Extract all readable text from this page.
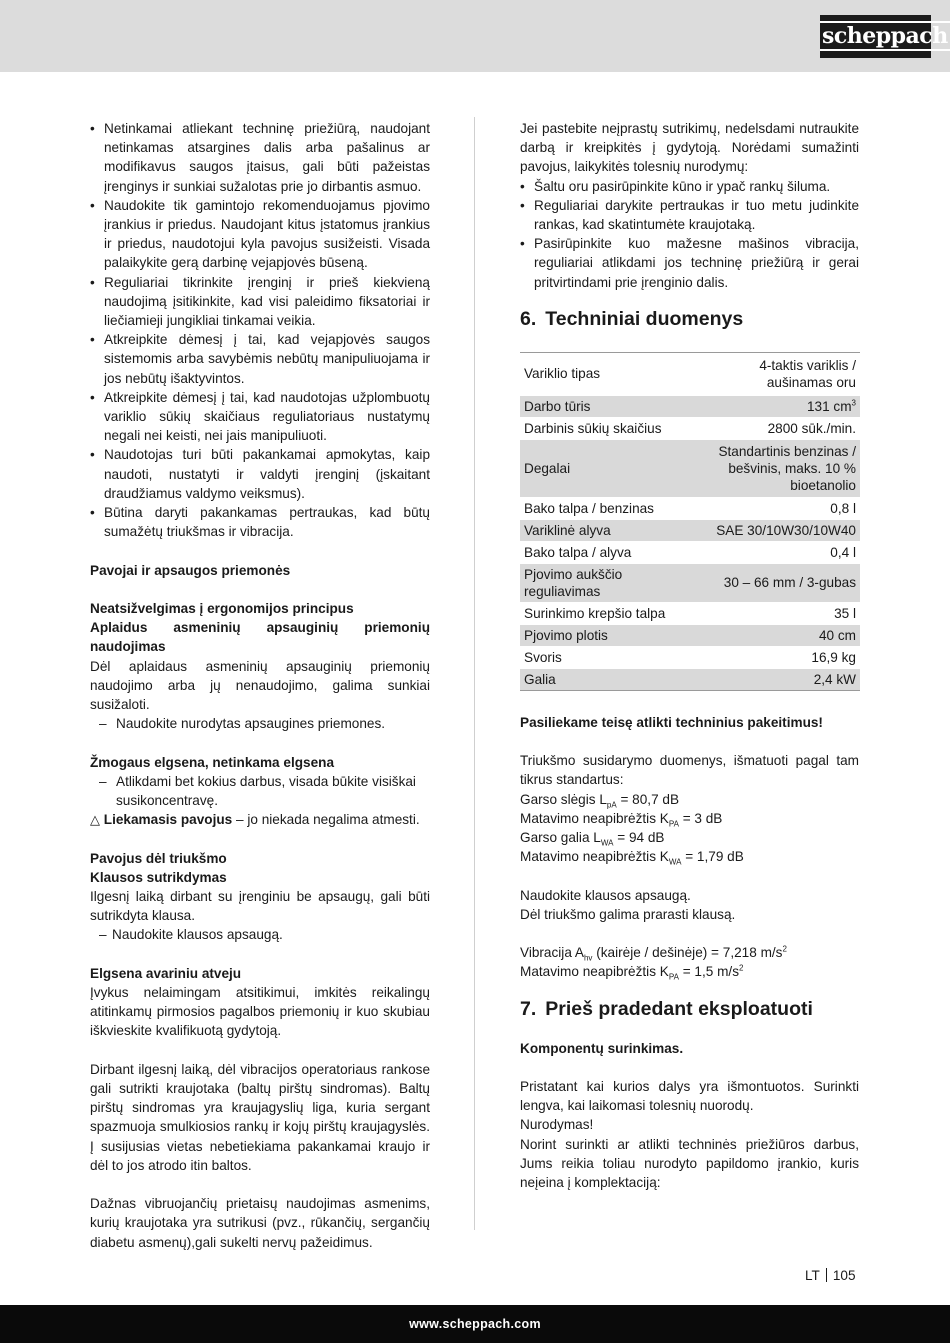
scheppach
• Netinkamai atliekant techninę priežiūrą, naudojant netinkamas atsargines dalis arba pašalinus ar modifikavus saugos įtaisus, gali būti pažeistas įrenginys ir sunkiai sužalotas prie jo dirbantis asmuo.
• Naudokite tik gamintojo rekomenduojamus pjovimo įrankius ir priedus. Naudojant kitus įstatomus įrankius ir priedus, naudotojui kyla pavojus susižeisti. Visada palaikykite gerą darbinę vejapjovės būseną.
• Reguliariai tikrinkite įrenginį ir prieš kiekvieną naudojimą įsitikinkite, kad visi paleidimo fiksatoriai ir liečiamieji jungikliai tinkamai veikia.
• Atkreipkite dėmesį į tai, kad vejapjovės saugos sistemomis arba savybėmis nebūtų manipuliuojama ir jos nebūtų išaktyvintos.
• Atkreipkite dėmesį į tai, kad naudotojas užplombuotų variklio sūkių skaičiaus reguliatoriaus nustatymų negali nei keisti, nei jais manipuliuoti.
• Naudotojas turi būti pakankamai apmokytas, kaip naudoti, nustatyti ir valdyti įrenginį (įskaitant draudžiamus valdymo veiksmus).
• Būtina daryti pakankamas pertraukas, kad būtų sumažėtų triukšmas ir vibracija.

Pavojai ir apsaugos priemonės

Neatsižvelgimas į ergonomijos principus

Aplaidus asmeninių apsauginių priemonių naudojimas

Dėl aplaidaus asmeninių apsauginių priemonių naudojimo arba jų nenaudojimo, galima sunkiai susižaloti.

– Naudokite nurodytas apsaugines priemones.

Žmogaus elgsena, netinkama elgsena

– Atlikdami bet kokius darbus, visada būkite visiškai susikoncentravę.

△ Liekamasis pavojus – jo niekada negalima atmesti.

Pavojus dėl triukšmo

Klausos sutrikdymas

Ilgesnį laiką dirbant su įrenginiu be apsaugų, gali būti sutrikdyta klausa.

– Naudokite klausos apsaugą.

Elgsena avariniu atveju

Įvykus nelaimingam atsitikimui, imkitės reikalingų atitinkamų pirmosios pagalbos priemonių ir kuo skubiau iškvieskite kvalifikuotą gydytoją.

Dirbant ilgesnį laiką, dėl vibracijos operatoriaus rankose gali sutrikti kraujotaka (baltų pirštų sindromas). Baltų pirštų sindromas yra kraujagyslių liga, kuria sergant spazmuoja smulkiosios rankų ir kojų pirštų kraujagyslės. Į susijusias vietas nebetiekiama pakankamai kraujo ir dėl to jos atrodo itin baltos.

Dažnas vibruojančių prietaisų naudojimas asmenims, kurių kraujotaka yra sutrikusi (pvz., rūkančių, sergančių diabetu asmenų),gali sukelti nervų pažeidimus.

Jei pastebite neįprastų sutrikimų, nedelsdami nutraukite darbą ir kreipkitės į gydytoją. Norėdami sumažinti pavojus, laikykitės tolesnių nurodymų:

• Šaltu oru pasirūpinkite kūno ir ypač rankų šiluma.
• Reguliariai darykite pertraukas ir tuo metu judinkite rankas, kad skatintumėte kraujotaką.
• Pasirūpinkite kuo mažesne mašinos vibracija, reguliariai atlikdami jos techninę priežiūrą ir gerai pritvirtindami prie įrenginio dalis.
6. Techniniai duomenys
Variklio tipas	4-taktis variklis / aušinamas oru
Darbo tūris	131 $cm^3$
Darbinis sūkių skaičius	2800 sūk./min.
Degalai	Standartinis benzinas / bešvinis, maks. 10 % bioetanolio
Bako talpa / benzinas	0,8 l
Variklinė alyva	SAE 30/10W30/10W40
Bako talpa / alyva	0,4 l
Pjovimo aukščio reguliavimas	30 – 66 mm / 3-gubas
Surinkimo krepšio talpa	35 l
Pjovimo plotis	40 cm
Svoris	16,9 kg
Galia	2,4 kW

Pasiliekame teisę atlikti techninius pakeitimus!

Triukšmo susidarymo duomenys, išmatuoti pagal tam tikrus standartus:

Garso slėgis $L_{pA} = 80,7$ dB

Matavimo neapibrėžtis $K_{PA} = 3$ dB

Garso galia $L_{WA} = 94$ dB

Matavimo neapibrėžtis $K_{WA} = 1,79$ dB

Naudokite klausos apsaugą.

Dėl triukšmo galima prarasti klausą.

Vibracija $A_{hv}$ (kairėje / dešinėje) = 7,218 $m/s^2$

Matavimo neapibrėžtis $K_{PA} = 1,5$ $m/s^2$

7. Prieš pradedant eksploatuoti

Komponentų surinkimas.

Pristatant kai kurios dalys yra išmontuotos. Surinkti lengva, kai laikomasi tolesnių nuorodų.

Nurodymas!

Norint surinkti ar atlikti techninės priežiūros darbus, Jums reikia toliau nurodyto papildomo įrankio, kuris neįeina į komplektaciją:

LT 105
www.scheppach.com
